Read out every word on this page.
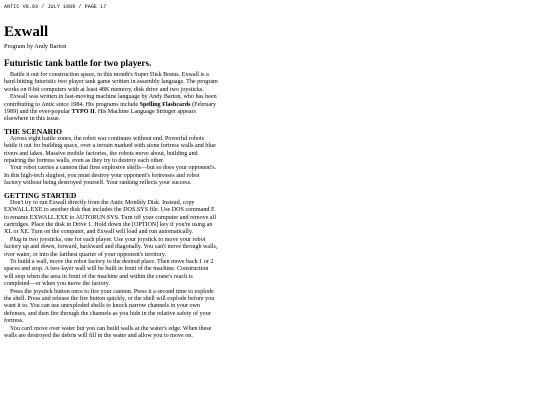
ANTIC V8.03 / JULY 1989 / PAGE 17
Exwall
Program by Andy Barton
Futuristic tank battle for two players.

Battle it out for construction space, in this month's Super Disk Bonus. Exwall is a hard-hitting futuristic two player tank game written in assembly language. The program works on 8-bit computers with at least 48K memory, disk drive and two joysticks.

Exwall was written in fast-moving machine language by Andy Barton, who has been contributing to Antic since 1984. His programs include Spelling Flashcards (February 1989) and the ever-popular TYPO II. His Machine Language Stringer appears elsewhere in this issue.

THE SCENARIO

Across eight battle zones, the robot war continues without end. Powerful robots battle it out for building space, over a terrain marked with stone fortress walls and blue rivers and lakes. Massive mobile factories, the robots move about, building and repairing the fortress walls, even as they try to destroy each other.

Your robot carries a cannon that fires explosive shells—but so does your opponent's. In this high-tech slugfest, you must destroy your opponent's fortresses and robot factory without being destroyed yourself. Your ranking reflects your success.

GETTING STARTED

Don't try to run Exwall directly from the Antic Monthly Disk. Instead, copy EXWALL.EXE to another disk that includes the DOS.SYS file. Use DOS command E to rename EXWALL.EXE to AUTORUN.SYS. Turn off your computer and remove all cartridges. Place the disk in Drive 1. Hold down the [OPTION] key if you're using an XL or XE. Turn on the computer, and Exwall will load and run automatically.

Plug in two joysticks, one for each player. Use your joystick to move your robot factory up and down, forward, backward and diagonally. You can't move through walls, over water, or into the farthest quarter of your opponent's territory.

To build a wall, move the robot factory to the desired place. Then move back 1 or 2 spaces and stop. A two-layer wall will be built in front of the machine. Construction will stop when the area in front of the machine and within the crane's reach is completed—or when you move the factory.

Press the joystick button once to fire your cannon. Press it a second time to explode the shell. Press and release the fire button quickly, or the shell will explode before you want it to. You can use unexploded shells to knock narrow channels in your own defenses, and then fire through the channels as you hide in the relative safety of your fortress.

You can't move over water but you can build walls at the water's edge. When these walls are destroyed the debris will fill in the water and allow you to move on.
